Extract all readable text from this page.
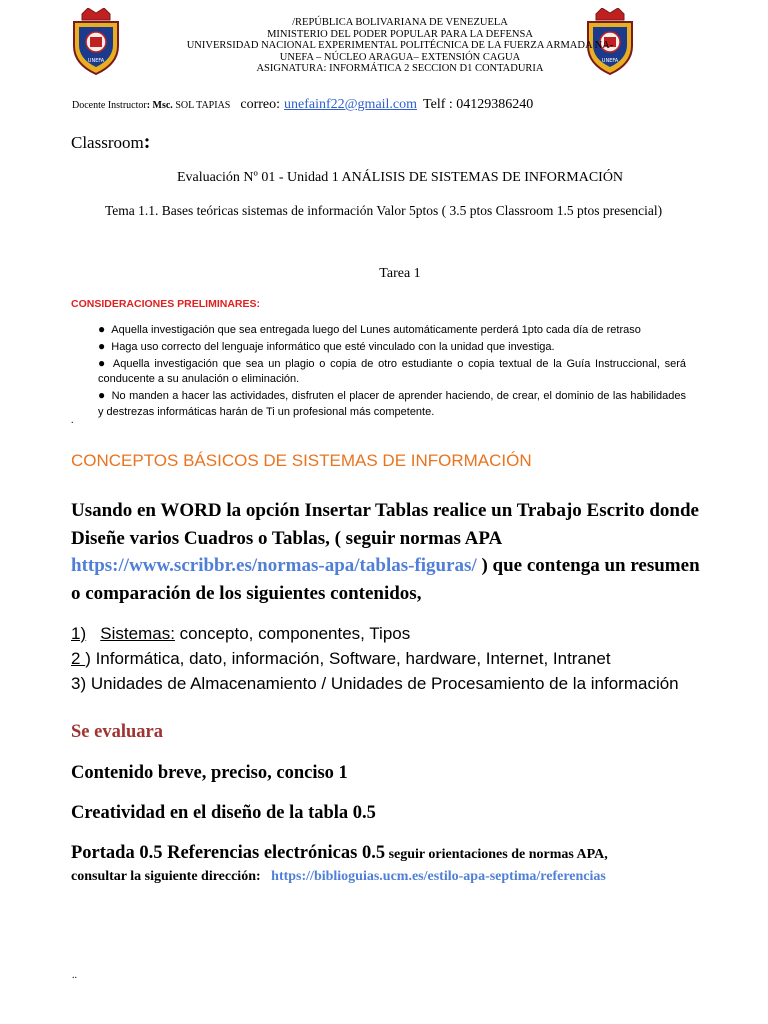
UNEFA	UNEFA
/REPÚBLICA BOLIVARIANA DE VENEZUELA
MINISTERIO DEL PODER POPULAR PARA LA DEFENSA
UNIVERSIDAD NACIONAL EXPERIMENTAL POLITÉCNICA DE LA FUERZA ARMADA NA-
UNEFA – NÚCLEO ARAGUA– EXTENSIÓN CAGUA
ASIGNATURA: INFORMÁTICA 2 SECCION D1 CONTADURIA
Docente Instructor: Msc. SOL TAPIAS correo: unefainf22@gmail.com Telf : 04129386240
Classroom:
Evaluación Nº 01 - Unidad 1 ANÁLISIS DE SISTEMAS DE INFORMACIÓN
Tema 1.1. Bases teóricas sistemas de información Valor 5ptos ( 3.5 ptos Classroom 1.5 ptos presencial)
Tarea 1
CONSIDERACIONES PRELIMINARES:

● Aquella investigación que sea entregada luego del Lunes automáticamente perderá 1pto cada día de retraso

● Haga uso correcto del lenguaje informático que esté vinculado con la unidad que investiga.

● Aquella investigación que sea un plagio o copia de otro estudiante o copia textual de la Guía Instruccional, será conducente a su anulación o eliminación.

● No manden a hacer las actividades, disfruten el placer de aprender haciendo, de crear, el dominio de las habilidades y destrezas informáticas harán de Ti un profesional más competente.

.
CONCEPTOS BÁSICOS DE SISTEMAS DE INFORMACIÓN
Usando en WORD la opción Insertar Tablas realice un Trabajo Escrito donde Diseñe varios Cuadros o Tablas, ( seguir normas APA https://www.scribbr.es/normas-apa/tablas-figuras/ ) que contenga un resumen o comparación de los siguientes contenidos,
1) Sistemas: concepto, componentes, Tipos
2 ) Informática, dato, información, Software, hardware, Internet, Intranet
3) Unidades de Almacenamiento / Unidades de Procesamiento de la información
Se evaluara
Contenido breve, preciso, conciso 1
Creatividad en el diseño de la tabla 0.5
Portada 0.5 Referencias electrónicas 0.5 seguir orientaciones de normas APA,
consultar la siguiente dirección: https://biblioguias.ucm.es/estilo-apa-septima/referencias
..
